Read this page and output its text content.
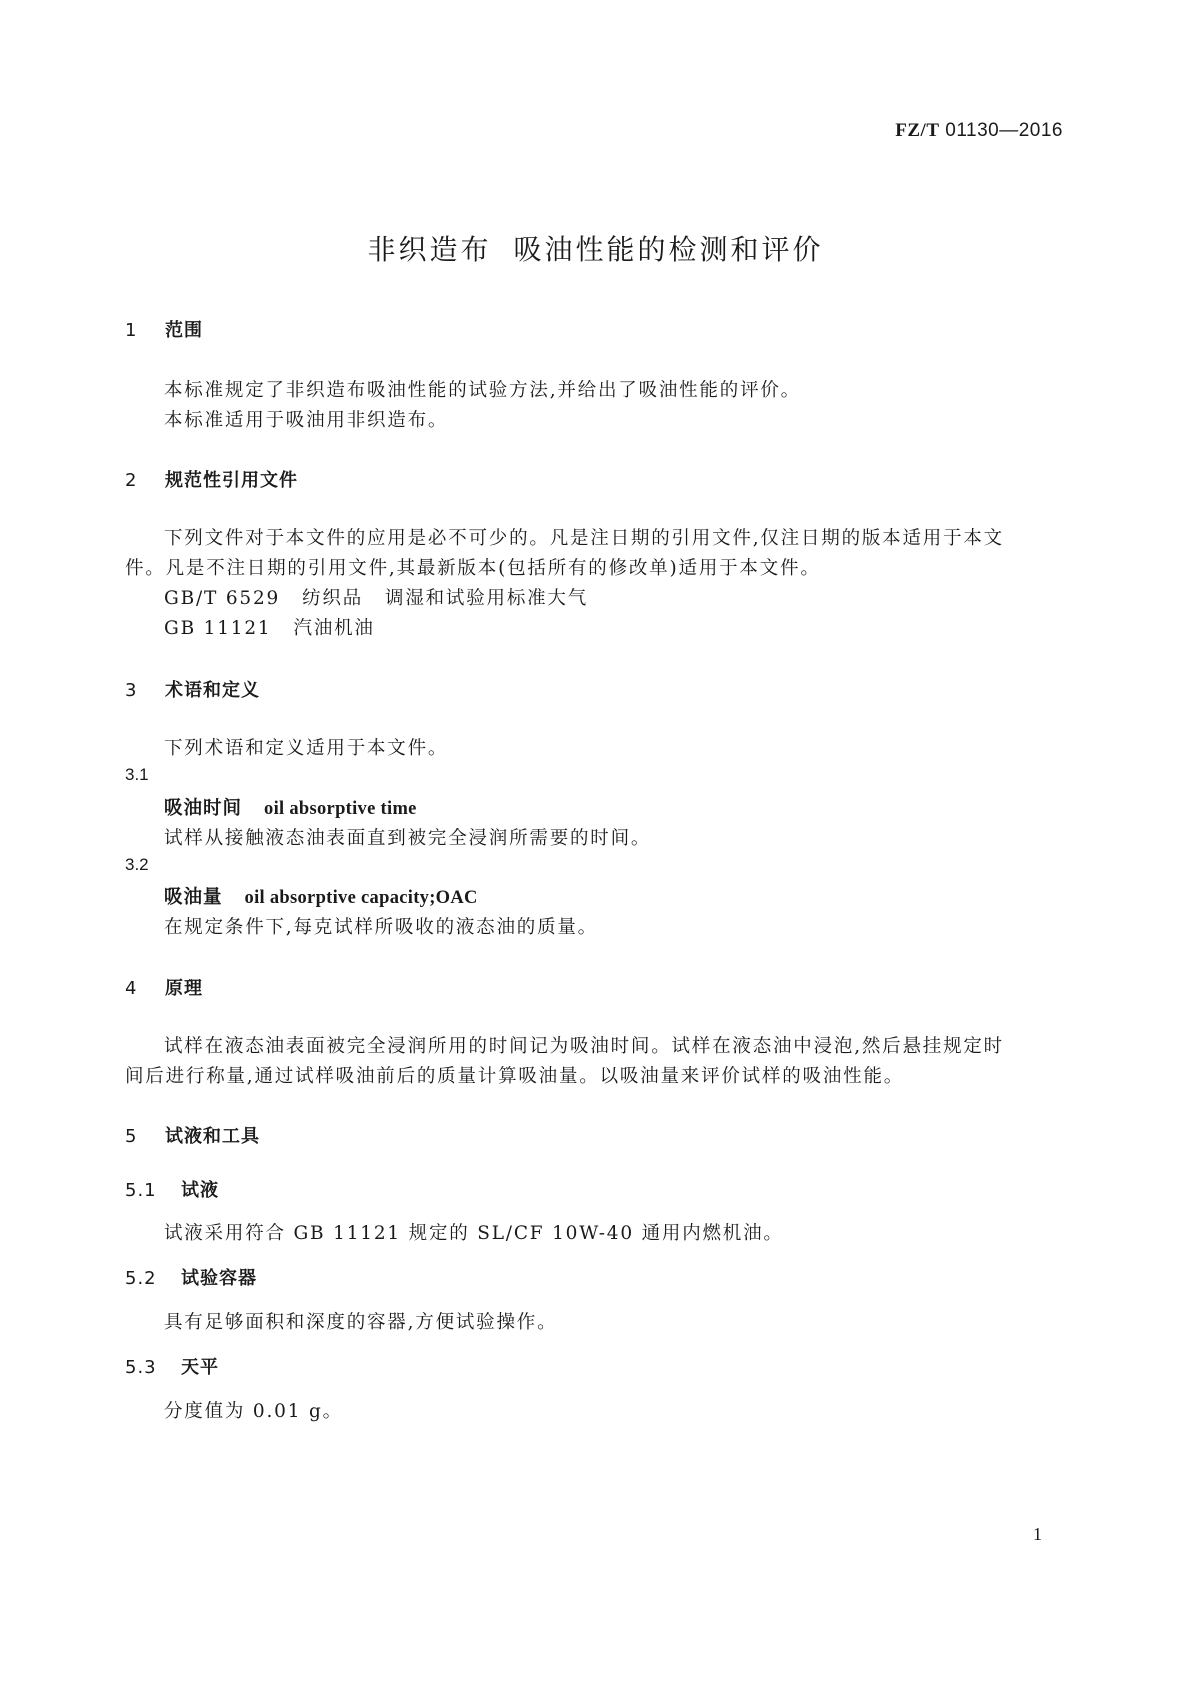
FZ/T 01130—2016
非织造布 吸油性能的检测和评价
1 范围
本标准规定了非织造布吸油性能的试验方法,并给出了吸油性能的评价。
本标准适用于吸油用非织造布。
2 规范性引用文件
下列文件对于本文件的应用是必不可少的。凡是注日期的引用文件,仅注日期的版本适用于本文
件。凡是不注日期的引用文件,其最新版本(包括所有的修改单)适用于本文件。
GB/T 6529 纺织品 调湿和试验用标准大气
GB 11121 汽油机油
3 术语和定义
下列术语和定义适用于本文件。
3.1
吸油时间 oil absorptive time
试样从接触液态油表面直到被完全浸润所需要的时间。
3.2
吸油量 oil absorptive capacity;OAC
在规定条件下,每克试样所吸收的液态油的质量。
4 原理
试样在液态油表面被完全浸润所用的时间记为吸油时间。试样在液态油中浸泡,然后悬挂规定时
间后进行称量,通过试样吸油前后的质量计算吸油量。以吸油量来评价试样的吸油性能。
5 试液和工具
5.1 试液
试液采用符合 GB 11121 规定的 SL/CF 10W-40 通用内燃机油。
5.2 试验容器
具有足够面积和深度的容器,方便试验操作。
5.3 天平
分度值为 0.01 g。
1
